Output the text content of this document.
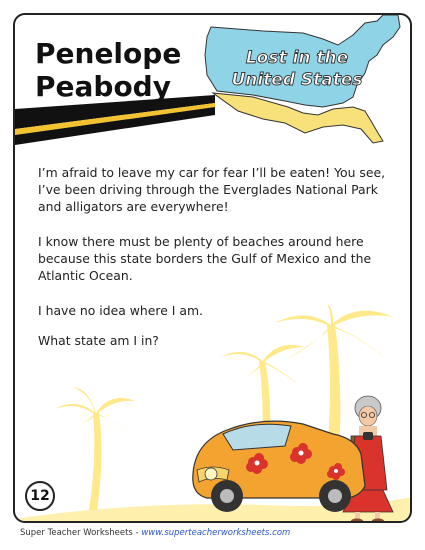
Penelope
Peabody
Lost in the
United States

I’m afraid to leave my car for fear I’ll be eaten! You see, I’ve been driving through the Everglades National Park and alligators are everywhere!

I know there must be plenty of beaches around here because this state borders the Gulf of Mexico and the Atlantic Ocean.

I have no idea where I am.

What state am I in?

12
Super Teacher Worksheets - www.superteacherworksheets.com
